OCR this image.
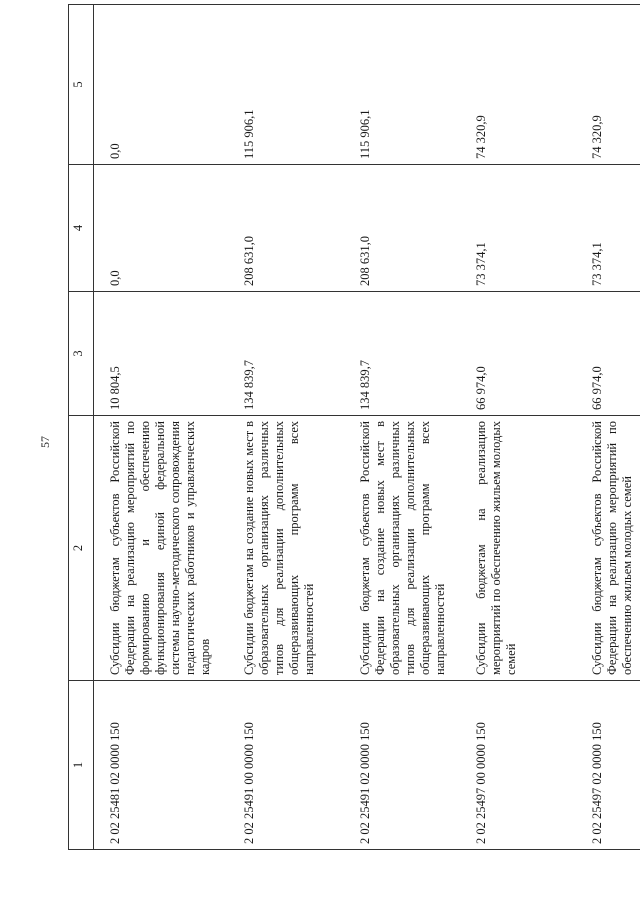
57
1	2	3	4	5
2 02 25481 02 0000 150	Субсидии бюджетам субъектов Российской Федерации на реализацию мероприятий по формированию и обеспечению функционирования единой федеральной системы научно-методического сопровождения педагогических работников и управленческих кадров	10 804,5	0,0	0,0
2 02 25491 00 0000 150	Субсидии бюджетам на создание новых мест в образовательных организациях различных типов для реализации дополнительных общеразвивающих программ всех направленностей	134 839,7	208 631,0	115 906,1
2 02 25491 02 0000 150	Субсидии бюджетам субъектов Российской Федерации на создание новых мест в образовательных организациях различных типов для реализации дополнительных общеразвивающих программ всех направленностей	134 839,7	208 631,0	115 906,1
2 02 25497 00 0000 150	Субсидии бюджетам на реализацию мероприятий по обеспечению жильем молодых семей	66 974,0	73 374,1	74 320,9
2 02 25497 02 0000 150	Субсидии бюджетам субъектов Российской Федерации на реализацию мероприятий по обеспечению жильем молодых семей	66 974,0	73 374,1	74 320,9
